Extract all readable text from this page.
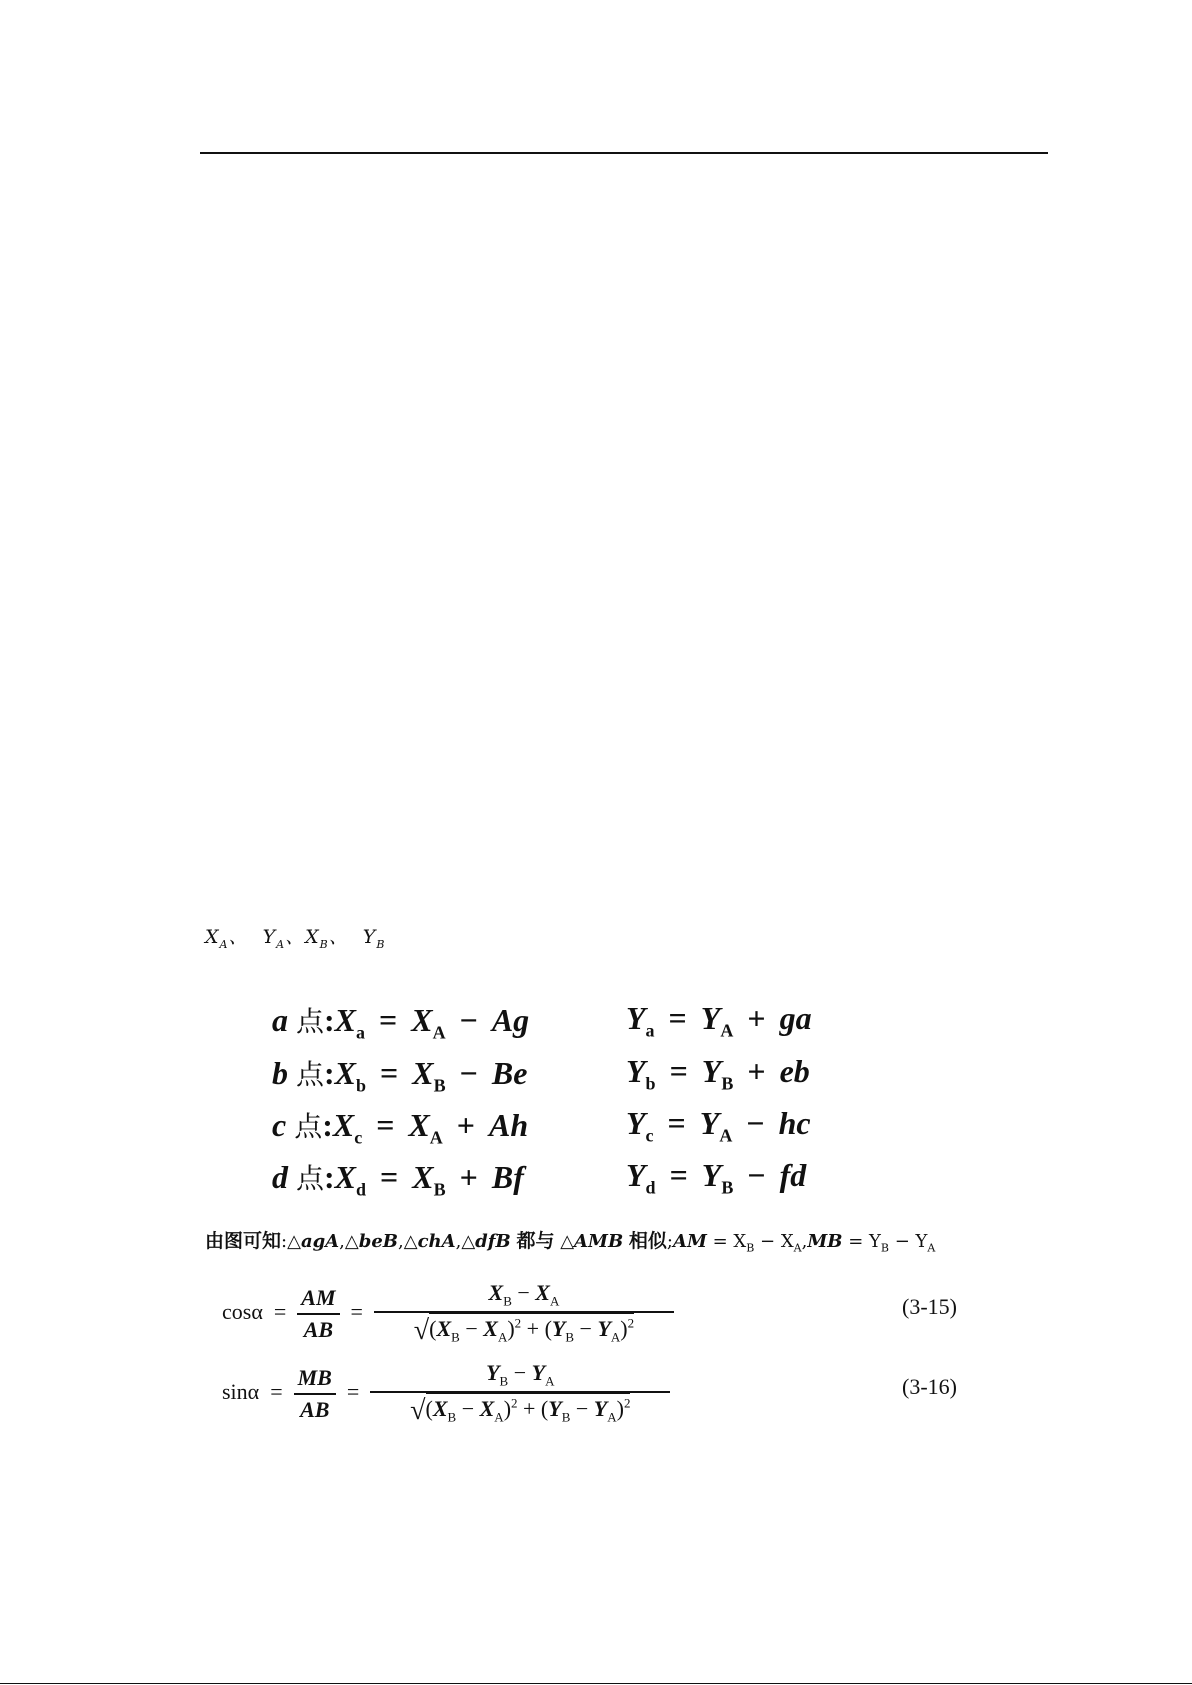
$X_A$、  $Y_A$、$X_B$、  $Y_B$
a 点$:X_a = X_A - Ag$	$Y_a = Y_A$ + ga
b 点$:X_b = X_B - Be$	$Y_b = Y_B$ + eb
c 点$:X_c = X_A + Ah$	$Y_c = Y_A$ − hc
d 点$:X_d = X_B + Bf$	$Y_d = Y_B$ − fd
由图可知:△agA,△beB,△chA,△dfB 都与 △AMB 相似;AM = $X_B - X_A,MB = Y_B - Y_A$
$\cos\alpha = \frac{AM}{AB} = \frac{X_B - X_A}{√(X_B - X_A)^2 + (Y_B - Y_A)^2}$	(3-15)
$\sin\alpha = \frac{MB}{AB} = \frac{Y_B - Y_A}{√(X_B - X_A)^2 + (Y_B - Y_A)^2}$	(3-16)
